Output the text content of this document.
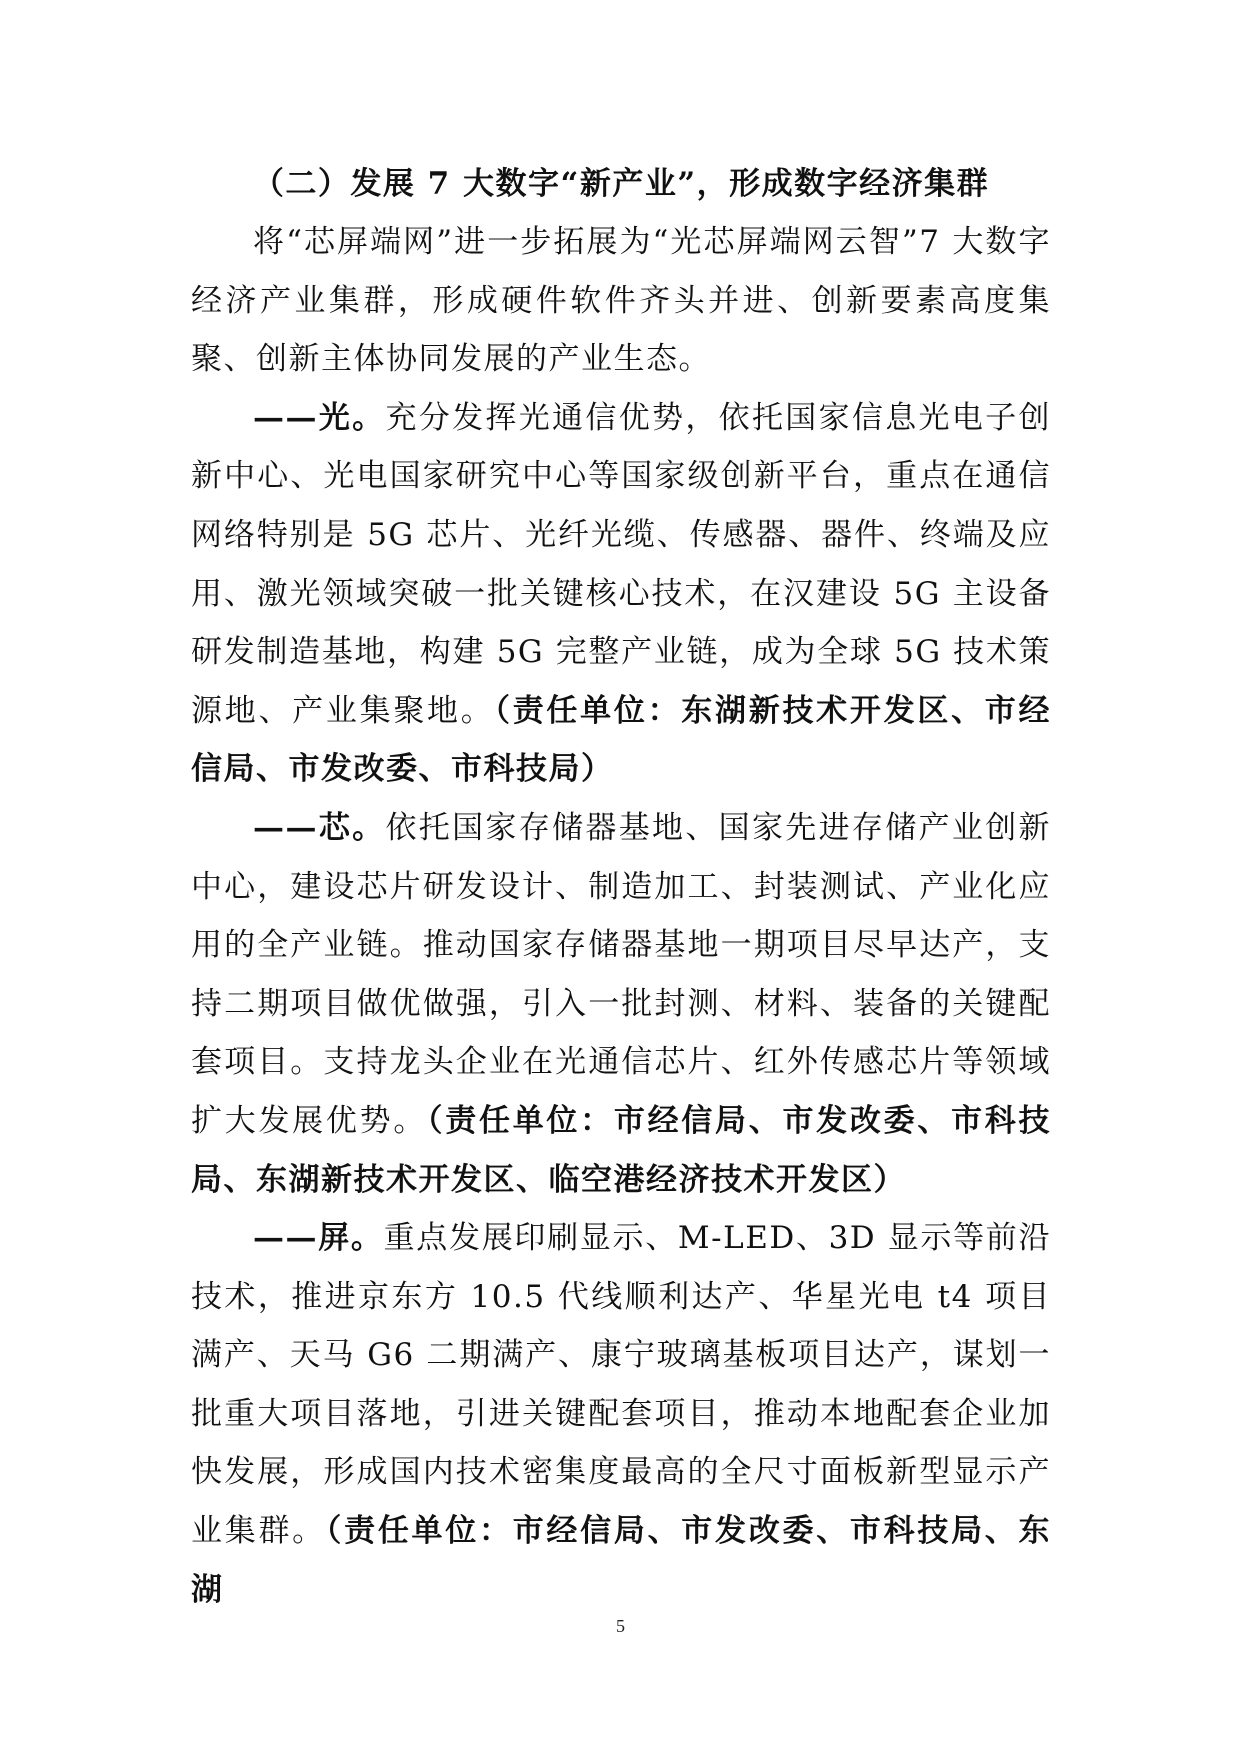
（二）发展 7 大数字“新产业”，形成数字经济集群

将“芯屏端网”进一步拓展为“光芯屏端网云智”7 大数字经济产业集群，形成硬件软件齐头并进、创新要素高度集聚、创新主体协同发展的产业生态。

——光。充分发挥光通信优势，依托国家信息光电子创新中心、光电国家研究中心等国家级创新平台，重点在通信网络特别是 5G 芯片、光纤光缆、传感器、器件、终端及应用、激光领域突破一批关键核心技术，在汉建设 5G 主设备研发制造基地，构建 5G 完整产业链，成为全球 5G 技术策源地、产业集聚地。（责任单位：东湖新技术开发区、市经信局、市发改委、市科技局）

——芯。依托国家存储器基地、国家先进存储产业创新中心，建设芯片研发设计、制造加工、封装测试、产业化应用的全产业链。推动国家存储器基地一期项目尽早达产，支持二期项目做优做强，引入一批封测、材料、装备的关键配套项目。支持龙头企业在光通信芯片、红外传感芯片等领域扩大发展优势。（责任单位：市经信局、市发改委、市科技局、东湖新技术开发区、临空港经济技术开发区）

——屏。重点发展印刷显示、M-LED、3D 显示等前沿技术，推进京东方 10.5 代线顺利达产、华星光电 t4 项目满产、天马 G6 二期满产、康宁玻璃基板项目达产，谋划一批重大项目落地，引进关键配套项目，推动本地配套企业加快发展，形成国内技术密集度最高的全尺寸面板新型显示产业集群。（责任单位：市经信局、市发改委、市科技局、东湖

5
